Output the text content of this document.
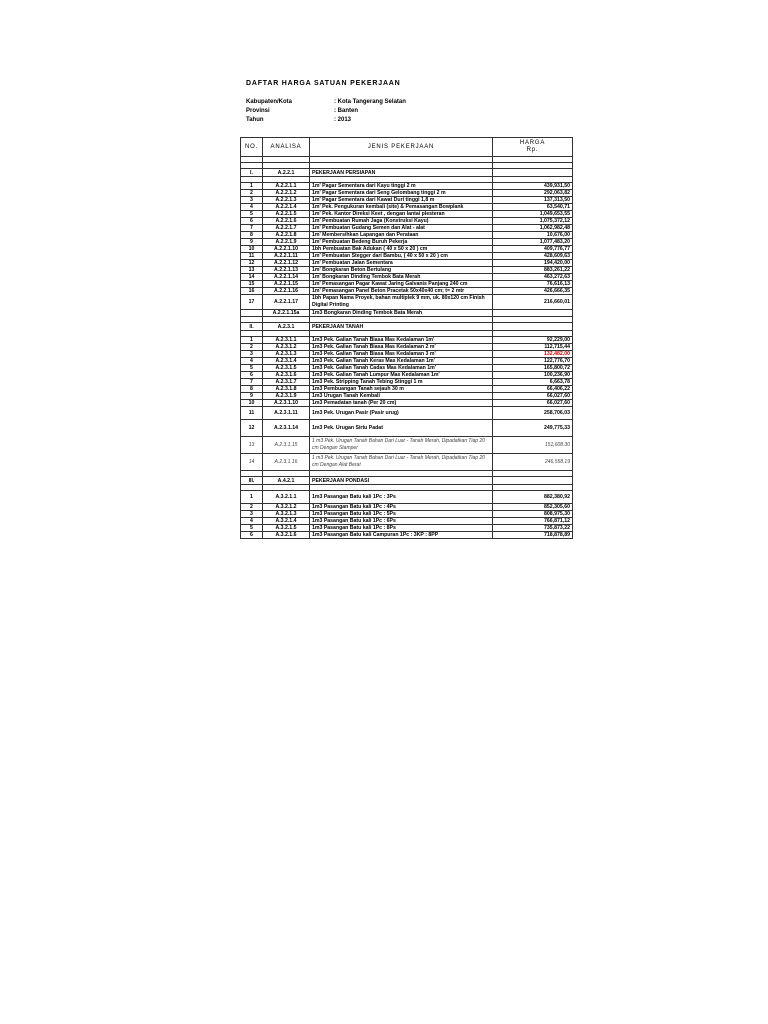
DAFTAR HARGA SATUAN PEKERJAAN
Kabupaten/Kota	: Kota Tangerang Selatan
Provinsi	: Banten
Tahun	: 2013
NO.	ANALISA	JENIS PEKERJAAN	HARGA
Rp.

I.	A.2.2.1	PEKERJAAN PERSIAPAN	

1	A.2.2.1.1	1m' Pagar Sementara dari Kayu tinggi 2 m	439,931,50
2	A.2.2.1.2	1m' Pagar Sementara dari Seng Gelombang tinggi 2 m	292,063,82
3	A.2.2.1.3	1m' Pagar Sementara dari Kawat Duri tinggi 1,8 m	137,313,50
4	A.2.2.1.4	1m' Pek. Pengukuran kembali (site) & Pemasangan Bowplank	63,540,71
5	A.2.2.1.5	1m' Pek. Kantor Direksi Keet , dengan lantai plesteran	1,049,653,55
6	A.2.2.1.6	1m' Pembuatan Rumah Jaga (Konstruksi Kayu)	1,075,372,12
7	A.2.2.1.7	1m' Pembuatan Gudang Semen dan Alat - alat	1,062,982,48
8	A.2.2.1.8	1m' Membersihkan Lapangan dan Perataan	10,676,00
9	A.2.2.1.9	1m' Pembuatan Bedeng Buruh Pekerja	1,077,483,20
10	A.2.2.1.10	1bh Pembuatan Bak Adukan ( 40 x 50 x 20 ) cm	409,776,77
11	A.2.2.1.11	1m' Pembuatan Stegger dari Bambu, ( 40 x 50 x 20 ) cm	428,609,63
12	A.2.2.1.12	1m' Pembuatan Jalan Sementara	194,420,00
13	A.2.2.1.13	1m' Bongkaran Beton Bertulang	883,261,22
14	A.2.2.1.14	1m' Bongkaran Dinding Tembok Bata Merah	463,272,63
15	A.2.2.1.15	1m' Pemasangan Pagar Kawat Jaring Galvanis Panjang 240 cm	76,616,13
16	A.2.2.1.16	1m' Pemasangan Panel Beton Pracetak 50x40x40 cm; t= 2 mtr	426,666,35
17	A.2.2.1.17	1bh Papan Nama Proyek, bahan multiplek 9 mm, uk. 80x120 cm Finish Digital Printing	216,660,01
	A.2.2.1.15a	1m3 Bongkaran Dinding Tembok Bata Merah	

II.	A.2.3.1	PEKERJAAN TANAH	

1	A.2.3.1.1	1m3 Pek. Galian Tanah Biasa Mas Kedalaman 1m'	92,229,00
2	A.2.3.1.2	1m3 Pek. Galian Tanah Biasa Mas Kedalaman 2 m'	112,715,44
3	A.2.3.1.3	1m3 Pek. Galian Tanah Biasa Mas Kedalaman 3 m'	132,482,00
4	A.2.3.1.4	1m3 Pek. Galian Tanah Keras Mas Kedalaman 1m'	122,776,70
5	A.2.3.1.5	1m3 Pek. Galian Tanah Cadas Mas Kedalaman 1m'	165,800,72
6	A.2.3.1.6	1m3 Pek. Galian Tanah Lumpur Mas Kedalaman 1m'	100,236,90
7	A.2.3.1.7	1m3 Pek. Stripping Tanah Tebing Stinggi 1 m	6,663,78
8	A.2.3.1.8	1m3 Pembuangan Tanah sejauh 30 m	66,406,22
9	A.2.3.1.9	1m3 Urugan Tanah Kembali	66,027,60
10	A.2.3.1.10	1m3 Pemadatan tanah (Per 20 cm)	66,027,60
11	A.2.3.1.11	1m3 Pek. Urugan Pasir (Pasir urug)	258,706,03
12	A.2.3.1.14	1m3 Pek. Urugan Sirtu Padat	249,775,33
13	A.2.3.1.15	1 m3 Pek. Urugan Tanah Bahan Dari Luar - Tanah Merah, Dipadatkan Tiap 20 cm Dengan Stamper	151,608.30
14	A.2.3.1.16	1 m3 Pek. Urugan Tanah Bahan Dari Luar - Tanah Merah, Dipadatkan Tiap 20 cm Dengan Alat Berat	246,558.19

III.	A.4.2.1	PEKERJAAN PONDASI	

1	A.3.2.1.1	1m3 Pasangan Batu kali 1Pc : 3Ps	882,380,92
2	A.3.2.1.2	1m3 Pasangan Batu kali 1Pc : 4Ps	852,305,60
3	A.3.2.1.3	1m3 Pasangan Batu kali 1Pc : 5Ps	808,975,30
4	A.3.2.1.4	1m3 Pasangan Batu kali 1Pc : 6Ps	766,871,12
5	A.3.2.1.5	1m3 Pasangan Batu kali 1Pc : 8Ps	735,873,22
6	A.3.2.1.6	1m3 Pasangan Batu kali Campuran 1Pc : 3KP : 8PP	718,878,89
